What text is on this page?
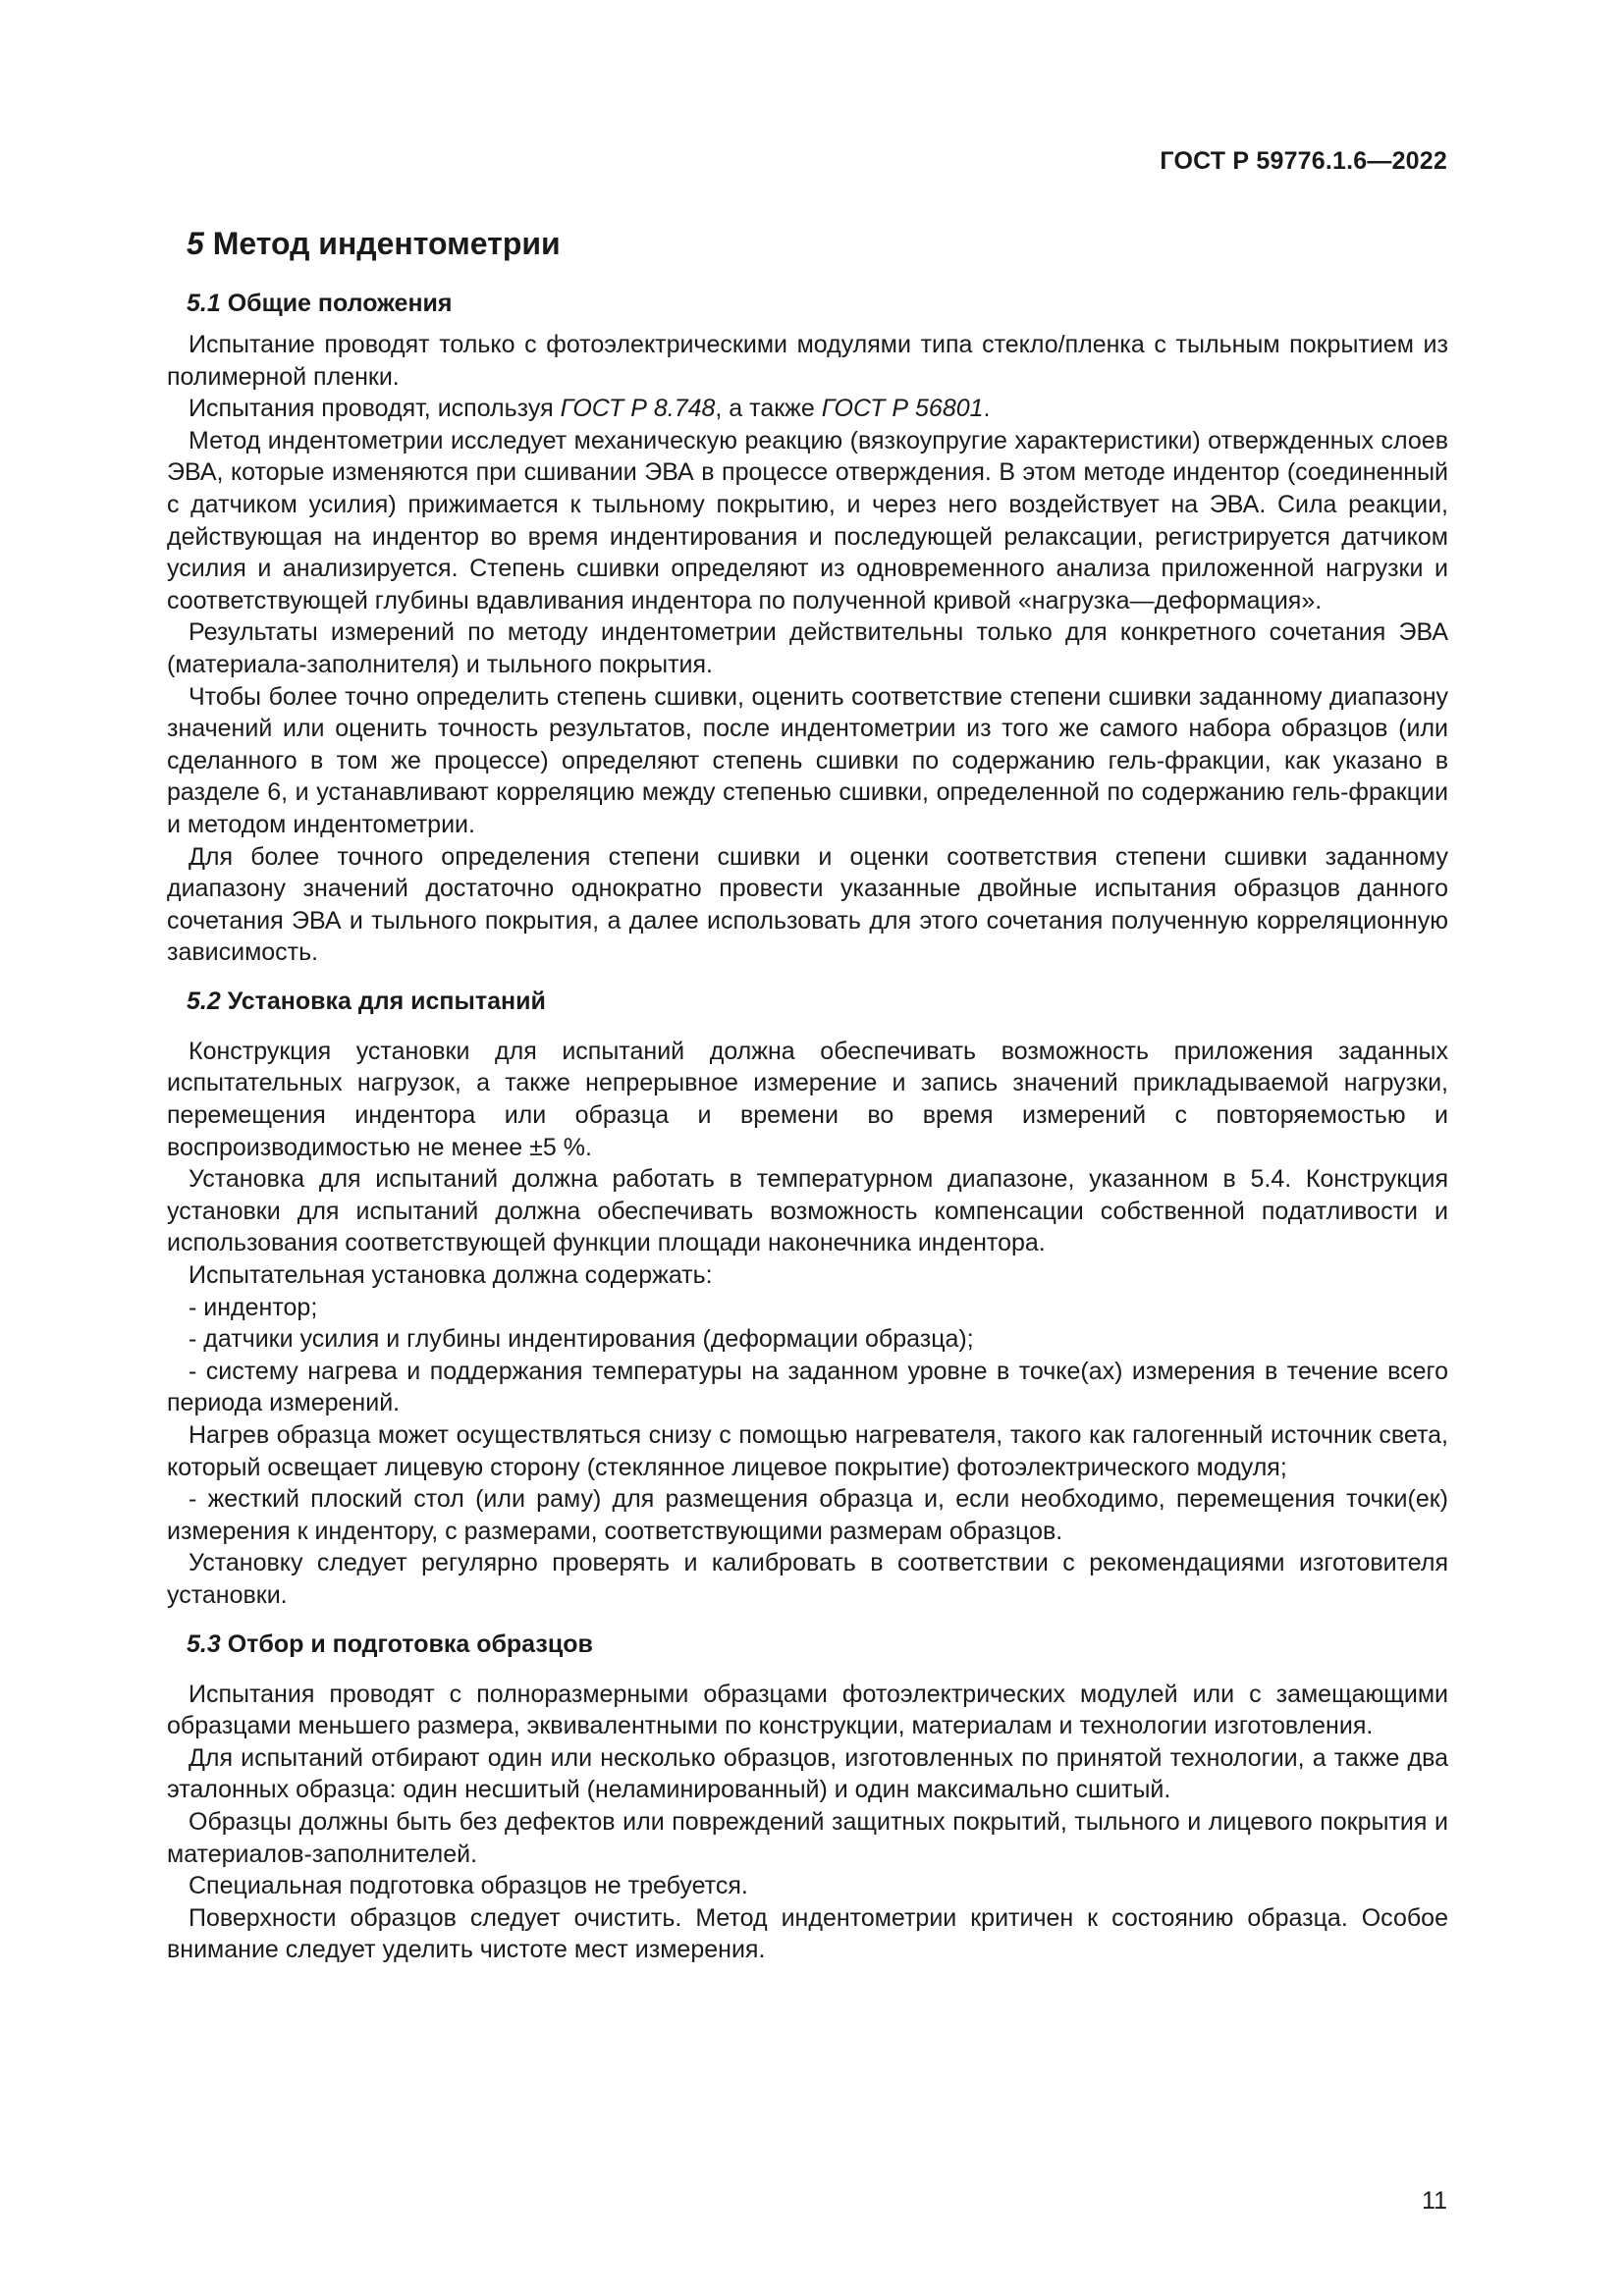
ГОСТ Р 59776.1.6—2022
5 Метод индентометрии
5.1 Общие положения

Испытание проводят только с фотоэлектрическими модулями типа стекло/пленка с тыльным покрытием из полимерной пленки.

Испытания проводят, используя ГОСТ Р 8.748, а также ГОСТ Р 56801.

Метод индентометрии исследует механическую реакцию (вязкоупругие характеристики) отвержденных слоев ЭВА, которые изменяются при сшивании ЭВА в процессе отверждения. В этом методе индентор (соединенный с датчиком усилия) прижимается к тыльному покрытию, и через него воздействует на ЭВА. Сила реакции, действующая на индентор во время индентирования и последующей релаксации, регистрируется датчиком усилия и анализируется. Степень сшивки определяют из одновременного анализа приложенной нагрузки и соответствующей глубины вдавливания индентора по полученной кривой «нагрузка—деформация».

Результаты измерений по методу индентометрии действительны только для конкретного сочетания ЭВА (материала-заполнителя) и тыльного покрытия.

Чтобы более точно определить степень сшивки, оценить соответствие степени сшивки заданному диапазону значений или оценить точность результатов, после индентометрии из того же самого набора образцов (или сделанного в том же процессе) определяют степень сшивки по содержанию гель-фракции, как указано в разделе 6, и устанавливают корреляцию между степенью сшивки, определенной по содержанию гель-фракции и методом индентометрии.

Для более точного определения степени сшивки и оценки соответствия степени сшивки заданному диапазону значений достаточно однократно провести указанные двойные испытания образцов данного сочетания ЭВА и тыльного покрытия, а далее использовать для этого сочетания полученную корреляционную зависимость.

5.2 Установка для испытаний

Конструкция установки для испытаний должна обеспечивать возможность приложения заданных испытательных нагрузок, а также непрерывное измерение и запись значений прикладываемой нагрузки, перемещения индентора или образца и времени во время измерений с повторяемостью и воспроизводимостью не менее ±5 %.

Установка для испытаний должна работать в температурном диапазоне, указанном в 5.4. Конструкция установки для испытаний должна обеспечивать возможность компенсации собственной податливости и использования соответствующей функции площади наконечника индентора.

Испытательная установка должна содержать:

- индентор;

- датчики усилия и глубины индентирования (деформации образца);

- систему нагрева и поддержания температуры на заданном уровне в точке(ах) измерения в течение всего периода измерений.

Нагрев образца может осуществляться снизу с помощью нагревателя, такого как галогенный источник света, который освещает лицевую сторону (стеклянное лицевое покрытие) фотоэлектрического модуля;

- жесткий плоский стол (или раму) для размещения образца и, если необходимо, перемещения точки(ек) измерения к индентору, с размерами, соответствующими размерам образцов.

Установку следует регулярно проверять и калибровать в соответствии с рекомендациями изготовителя установки.

5.3 Отбор и подготовка образцов

Испытания проводят с полноразмерными образцами фотоэлектрических модулей или с замещающими образцами меньшего размера, эквивалентными по конструкции, материалам и технологии изготовления.

Для испытаний отбирают один или несколько образцов, изготовленных по принятой технологии, а также два эталонных образца: один несшитый (неламинированный) и один максимально сшитый.

Образцы должны быть без дефектов или повреждений защитных покрытий, тыльного и лицевого покрытия и материалов-заполнителей.

Специальная подготовка образцов не требуется.

Поверхности образцов следует очистить. Метод индентометрии критичен к состоянию образца. Особое внимание следует уделить чистоте мест измерения.

11
